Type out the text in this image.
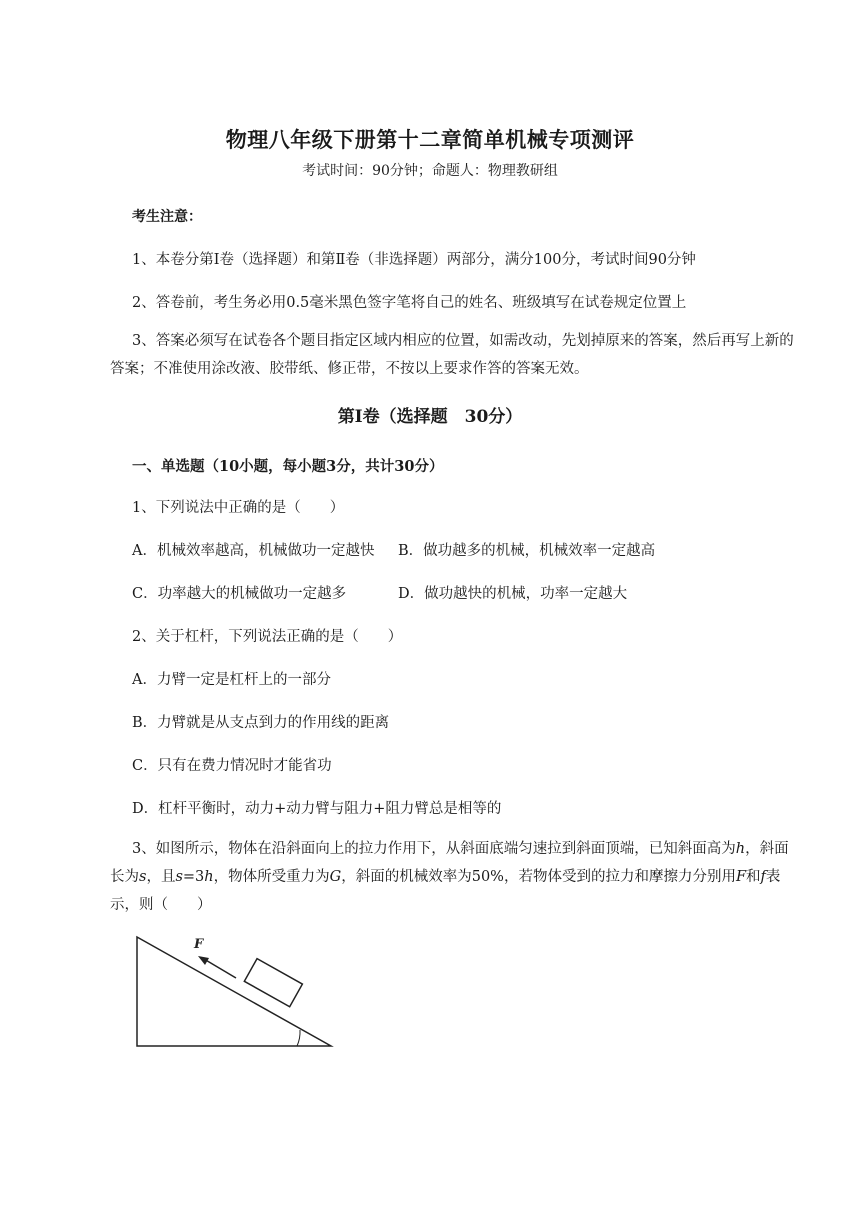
物理八年级下册第十二章简单机械专项测评
考试时间：90分钟；命题人：物理教研组
考生注意：
1、本卷分第Ⅰ卷（选择题）和第Ⅱ卷（非选择题）两部分，满分100分，考试时间90分钟
2、答卷前，考生务必用0.5毫米黑色签字笔将自己的姓名、班级填写在试卷规定位置上
3、答案必须写在试卷各个题目指定区域内相应的位置，如需改动，先划掉原来的答案，然后再写上新的答案；不准使用涂改液、胶带纸、修正带，不按以上要求作答的答案无效。
第Ⅰ卷（选择题　30分）
一、单选题（10小题，每小题3分，共计30分）
1、下列说法中正确的是（　　）
A．机械效率越高，机械做功一定越快 B．做功越多的机械，机械效率一定越高
C．功率越大的机械做功一定越多	D．做功越快的机械，功率一定越大
2、关于杠杆，下列说法正确的是（　　）
A．力臂一定是杠杆上的一部分
B．力臂就是从支点到力的作用线的距离
C．只有在费力情况时才能省功
D．杠杆平衡时，动力+动力臂与阻力+阻力臂总是相等的
3、如图所示，物体在沿斜面向上的拉力作用下，从斜面底端匀速拉到斜面顶端，已知斜面高为h，斜面长为s，且s=3h，物体所受重力为G，斜面的机械效率为50%，若物体受到的拉力和摩擦力分别用F和f表示，则（　　）
F
